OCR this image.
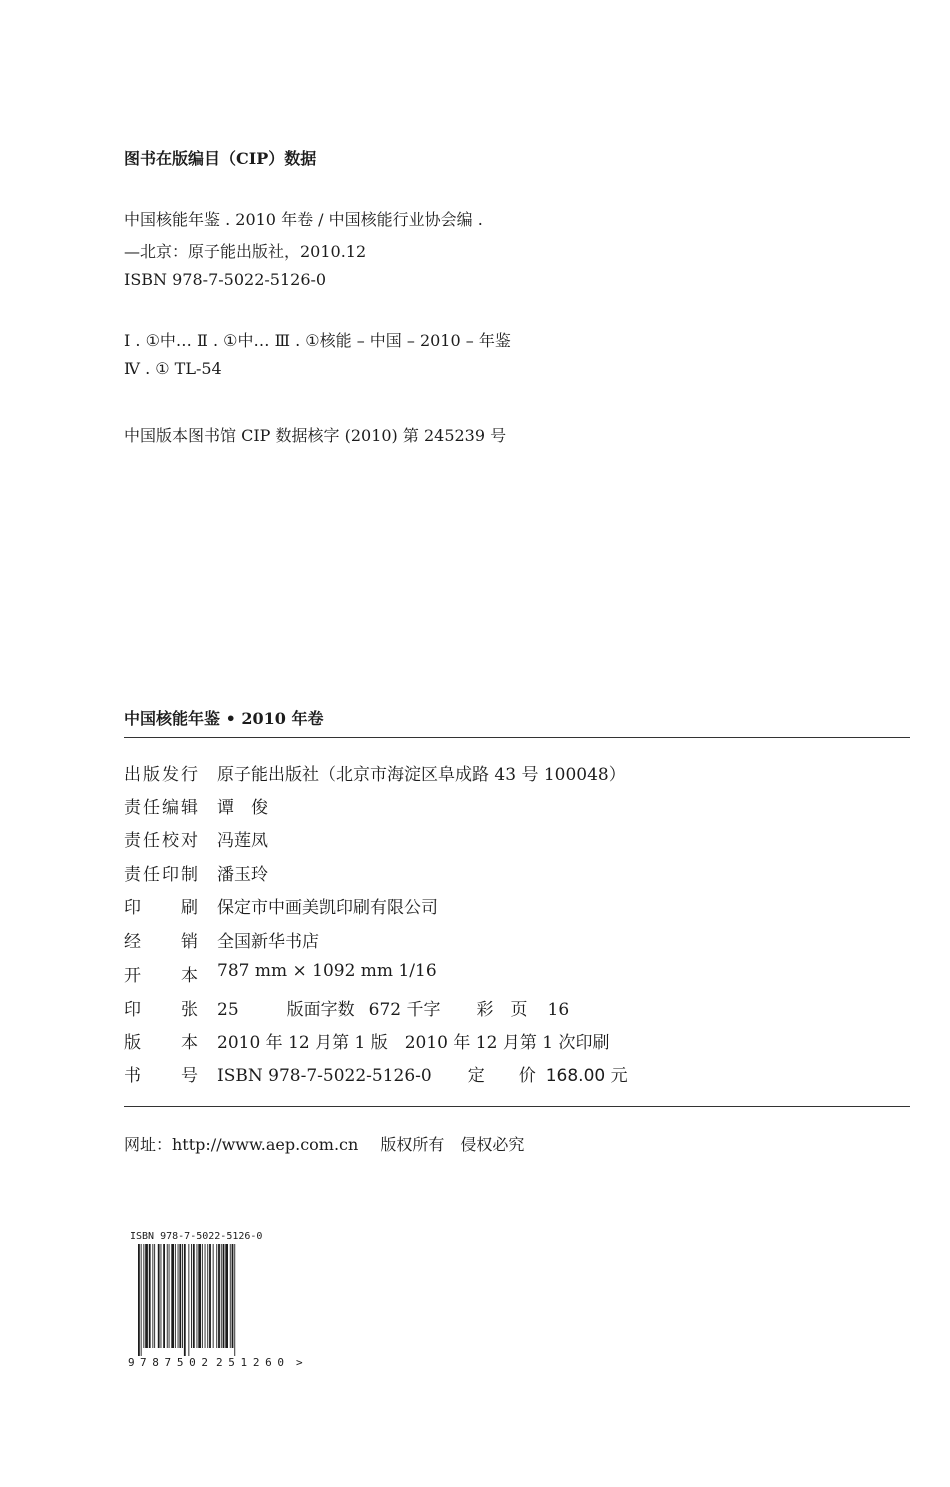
图书在版编目（CIP）数据
中国核能年鉴 . 2010 年卷 / 中国核能行业协会编 .
—北京：原子能出版社，2010.12
ISBN 978-7-5022-5126-0
Ⅰ . ①中… Ⅱ . ①中… Ⅲ . ①核能 – 中国 – 2010 – 年鉴
Ⅳ . ① TL-54
中国版本图书馆 CIP 数据核字 (2010) 第 245239 号
中国核能年鉴 • 2010 年卷
出 版 发 行 原子能出版社（北京市海淀区阜成路 43 号 100048）
责 任 编 辑 谭　俊
责 任 校 对 冯莲凤
责 任 印 制 潘玉玲
印 刷 保定市中画美凯印刷有限公司
经 销 全国新华书店
开 本 787 mm × 1092 mm 1/16
印 张 25	版面字数 672 千字 彩　页 16
版 本 2010 年 12 月第 1 版　2010 年 12 月第 1 次印刷
书 号 ISBN 978-7-5022-5126-0 定　　价 168.00 元
网址：http://www.aep.com.cn 版权所有　侵权必究
ISBN 978-7-5022-5126-0
9 787502 251260 >
